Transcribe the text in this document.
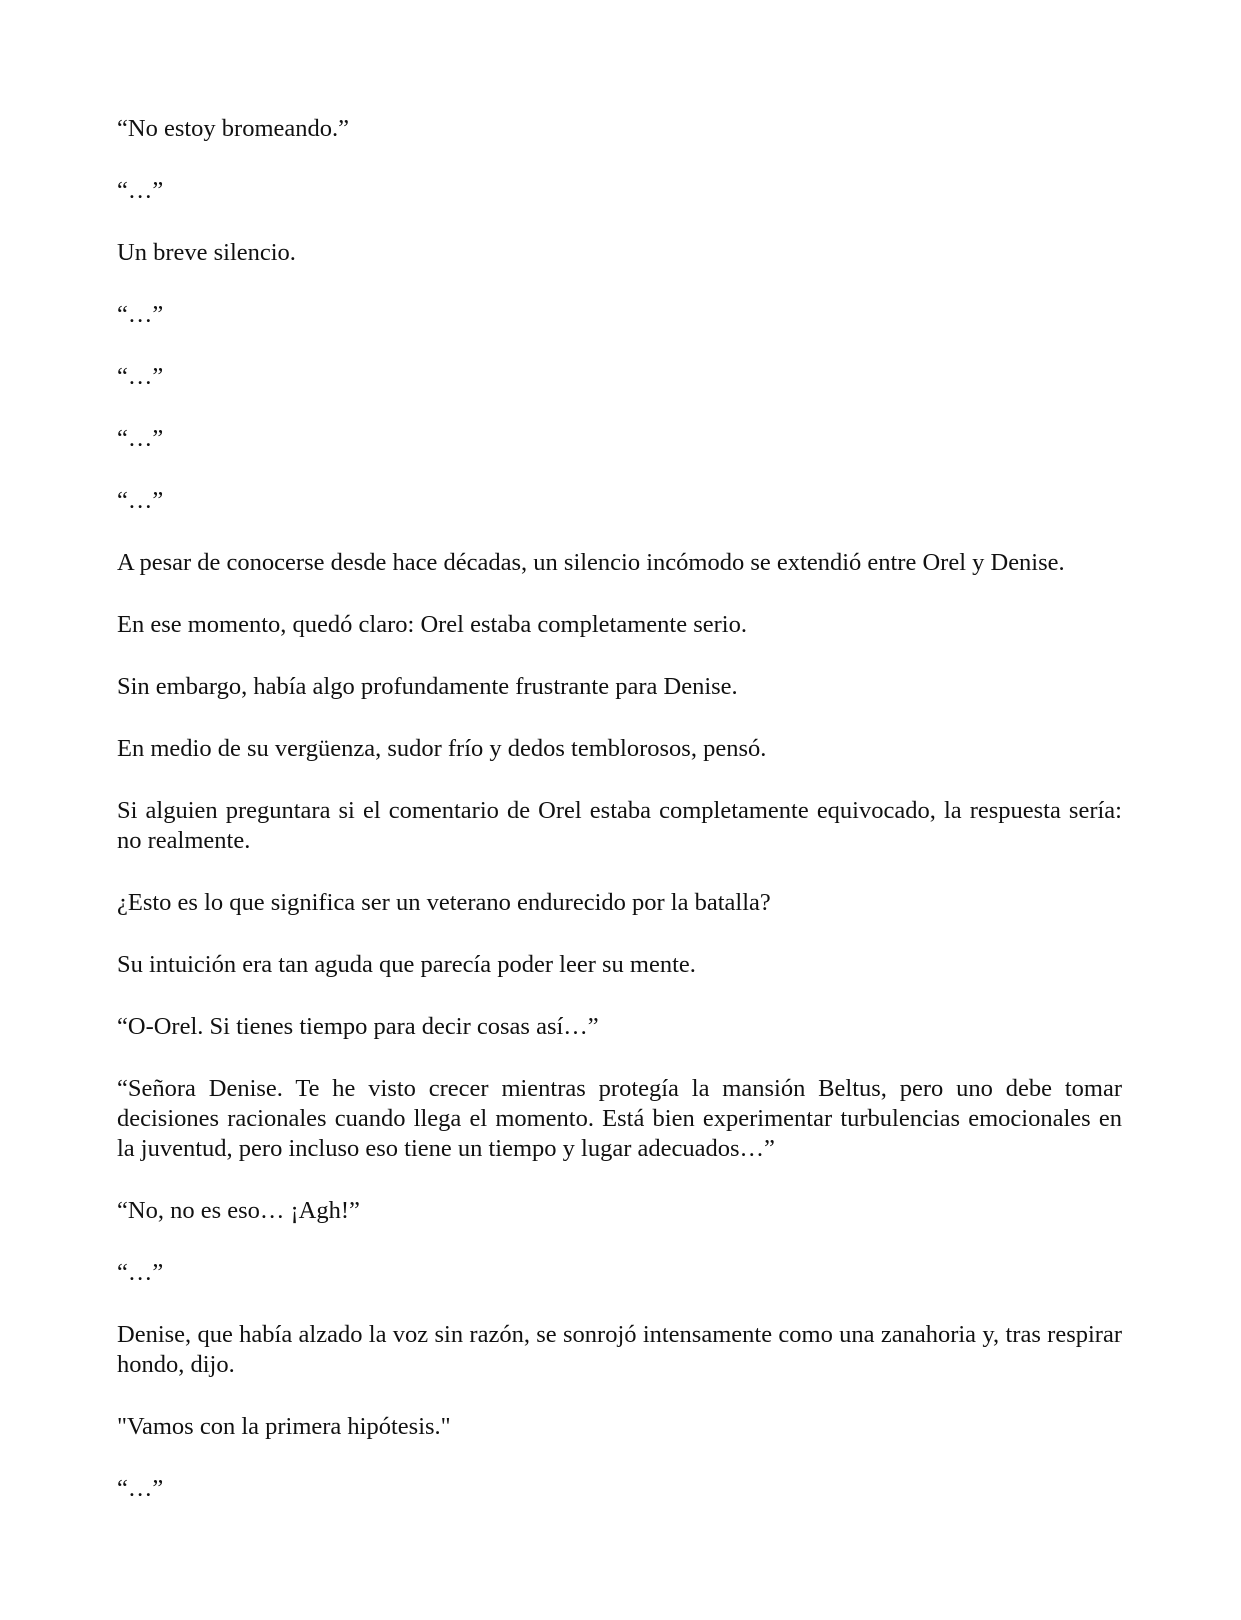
“No estoy bromeando.”

“…”

Un breve silencio.

“…”

“…”

“…”

“…”

A pesar de conocerse desde hace décadas, un silencio incómodo se extendió entre Orel y Denise.

En ese momento, quedó claro: Orel estaba completamente serio.

Sin embargo, había algo profundamente frustrante para Denise.

En medio de su vergüenza, sudor frío y dedos temblorosos, pensó.

Si alguien preguntara si el comentario de Orel estaba completamente equivocado, la respuesta sería: no realmente.

¿Esto es lo que significa ser un veterano endurecido por la batalla?

Su intuición era tan aguda que parecía poder leer su mente.

“O-Orel. Si tienes tiempo para decir cosas así…”

“Señora Denise. Te he visto crecer mientras protegía la mansión Beltus, pero uno debe tomar decisiones racionales cuando llega el momento. Está bien experimentar turbulencias emocionales en la juventud, pero incluso eso tiene un tiempo y lugar adecuados…”

“No, no es eso… ¡Agh!”

“…”

Denise, que había alzado la voz sin razón, se sonrojó intensamente como una zanahoria y, tras respirar hondo, dijo.

"Vamos con la primera hipótesis."

“…”
